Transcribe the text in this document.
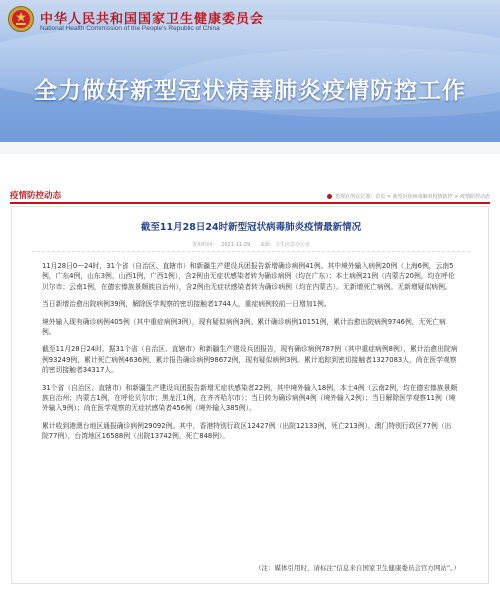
中华人民共和国国家卫生健康委员会
National Health Commission of the People's Republic of China
全力做好新型冠状病毒肺炎疫情防控工作
疫情防控动态	您现在所在位置：首页 > 新型冠状病毒肺炎疫情防控 > 疫情防控动态
截至11月28日24时新型冠状病毒肺炎疫情最新情况
发布时间： 2021-11-29 来源：卫生应急办公室

11月28日0—24时，31个省（自治区、直辖市）和新疆生产建设兵团报告新增确诊病例41例。其中境外输入病例20例（上海6例，云南5例，广东4例，山东3例，山西1例，广西1例），含2例由无症状感染者转为确诊病例（均在广东）；本土病例21例（内蒙古20例，均在呼伦贝尔市；云南1例，在德宏傣族景颇族自治州），含2例由无症状感染者转为确诊病例（均在内蒙古）。无新增死亡病例。无新增疑似病例。

当日新增治愈出院病例39例，解除医学观察的密切接触者1744人，重症病例较前一日增加1例。

境外输入现有确诊病例405例（其中重症病例3例），现有疑似病例3例。累计确诊病例10151例，累计治愈出院病例9746例，无死亡病例。

截至11月28日24时，据31个省（自治区、直辖市）和新疆生产建设兵团报告，现有确诊病例787例（其中重症病例8例），累计治愈出院病例93249例，累计死亡病例4636例，累计报告确诊病例98672例，现有疑似病例3例。累计追踪到密切接触者1327083人，尚在医学观察的密切接触者34317人。

31个省（自治区、直辖市）和新疆生产建设兵团报告新增无症状感染者22例，其中境外输入18例，本土4例（云南2例，均在德宏傣族景颇族自治州；内蒙古1例，在呼伦贝尔市；黑龙江1例，在齐齐哈尔市）；当日转为确诊病例4例（境外输入2例）；当日解除医学观察11例（境外输入9例）；尚在医学观察的无症状感染者456例（境外输入385例）。

累计收到港澳台地区通报确诊病例29092例。其中，香港特别行政区12427例（出院12133例，死亡213例），澳门特别行政区77例（出院77例），台湾地区16588例（出院13742例，死亡848例）。

（注：媒体引用时，请标注“信息来自国家卫生健康委员会官方网站”。）
